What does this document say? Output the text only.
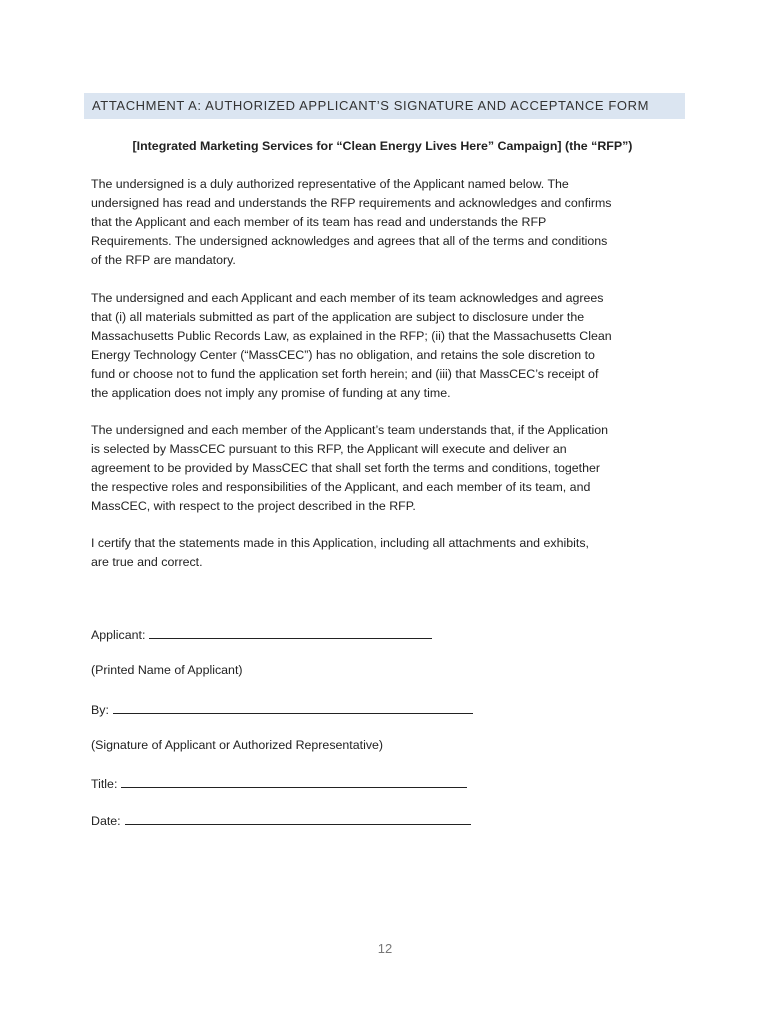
ATTACHMENT A: AUTHORIZED APPLICANT’S SIGNATURE AND ACCEPTANCE FORM
[Integrated Marketing Services for “Clean Energy Lives Here” Campaign] (the “RFP”)

The undersigned is a duly authorized representative of the Applicant named below. The
undersigned has read and understands the RFP requirements and acknowledges and confirms
that the Applicant and each member of its team has read and understands the RFP
Requirements. The undersigned acknowledges and agrees that all of the terms and conditions
of the RFP are mandatory.

The undersigned and each Applicant and each member of its team acknowledges and agrees
that (i) all materials submitted as part of the application are subject to disclosure under the
Massachusetts Public Records Law, as explained in the RFP; (ii) that the Massachusetts Clean
Energy Technology Center (“MassCEC”) has no obligation, and retains the sole discretion to
fund or choose not to fund the application set forth herein; and (iii) that MassCEC’s receipt of
the application does not imply any promise of funding at any time.

The undersigned and each member of the Applicant’s team understands that, if the Application
is selected by MassCEC pursuant to this RFP, the Applicant will execute and deliver an
agreement to be provided by MassCEC that shall set forth the terms and conditions, together
the respective roles and responsibilities of the Applicant, and each member of its team, and
MassCEC, with respect to the project described in the RFP.

I certify that the statements made in this Application, including all attachments and exhibits,
are true and correct.

Applicant:
(Printed Name of Applicant)
By:
(Signature of Applicant or Authorized Representative)
Title:
Date:
12
